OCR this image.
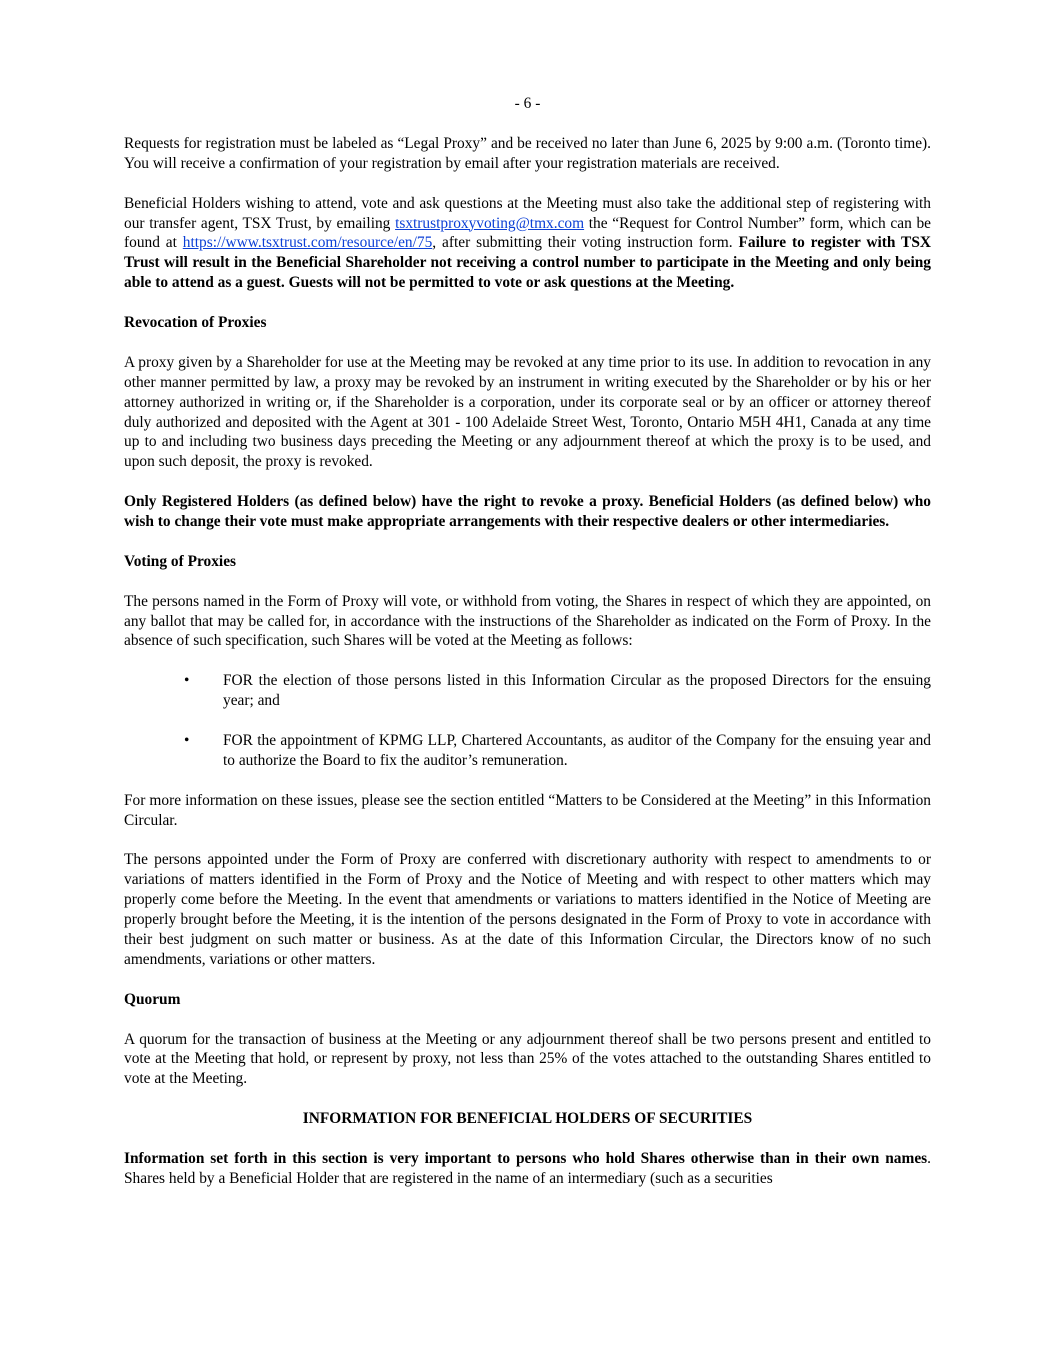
- 6 -

Requests for registration must be labeled as “Legal Proxy” and be received no later than June 6, 2025 by 9:00 a.m. (Toronto time). You will receive a confirmation of your registration by email after your registration materials are received.

Beneficial Holders wishing to attend, vote and ask questions at the Meeting must also take the additional step of registering with our transfer agent, TSX Trust, by emailing tsxtrustproxyvoting@tmx.com the “Request for Control Number” form, which can be found at https://www.tsxtrust.com/resource/en/75, after submitting their voting instruction form. Failure to register with TSX Trust will result in the Beneficial Shareholder not receiving a control number to participate in the Meeting and only being able to attend as a guest. Guests will not be permitted to vote or ask questions at the Meeting.

Revocation of Proxies

A proxy given by a Shareholder for use at the Meeting may be revoked at any time prior to its use. In addition to revocation in any other manner permitted by law, a proxy may be revoked by an instrument in writing executed by the Shareholder or by his or her attorney authorized in writing or, if the Shareholder is a corporation, under its corporate seal or by an officer or attorney thereof duly authorized and deposited with the Agent at 301 - 100 Adelaide Street West, Toronto, Ontario M5H 4H1, Canada at any time up to and including two business days preceding the Meeting or any adjournment thereof at which the proxy is to be used, and upon such deposit, the proxy is revoked.

Only Registered Holders (as defined below) have the right to revoke a proxy. Beneficial Holders (as defined below) who wish to change their vote must make appropriate arrangements with their respective dealers or other intermediaries.

Voting of Proxies

The persons named in the Form of Proxy will vote, or withhold from voting, the Shares in respect of which they are appointed, on any ballot that may be called for, in accordance with the instructions of the Shareholder as indicated on the Form of Proxy. In the absence of such specification, such Shares will be voted at the Meeting as follows:

• FOR the election of those persons listed in this Information Circular as the proposed Directors for the ensuing year; and
• FOR the appointment of KPMG LLP, Chartered Accountants, as auditor of the Company for the ensuing year and to authorize the Board to fix the auditor’s remuneration.

For more information on these issues, please see the section entitled “Matters to be Considered at the Meeting” in this Information Circular.

The persons appointed under the Form of Proxy are conferred with discretionary authority with respect to amendments to or variations of matters identified in the Form of Proxy and the Notice of Meeting and with respect to other matters which may properly come before the Meeting. In the event that amendments or variations to matters identified in the Notice of Meeting are properly brought before the Meeting, it is the intention of the persons designated in the Form of Proxy to vote in accordance with their best judgment on such matter or business. As at the date of this Information Circular, the Directors know of no such amendments, variations or other matters.

Quorum

A quorum for the transaction of business at the Meeting or any adjournment thereof shall be two persons present and entitled to vote at the Meeting that hold, or represent by proxy, not less than 25% of the votes attached to the outstanding Shares entitled to vote at the Meeting.

INFORMATION FOR BENEFICIAL HOLDERS OF SECURITIES

Information set forth in this section is very important to persons who hold Shares otherwise than in their own names. Shares held by a Beneficial Holder that are registered in the name of an intermediary (such as a securities
